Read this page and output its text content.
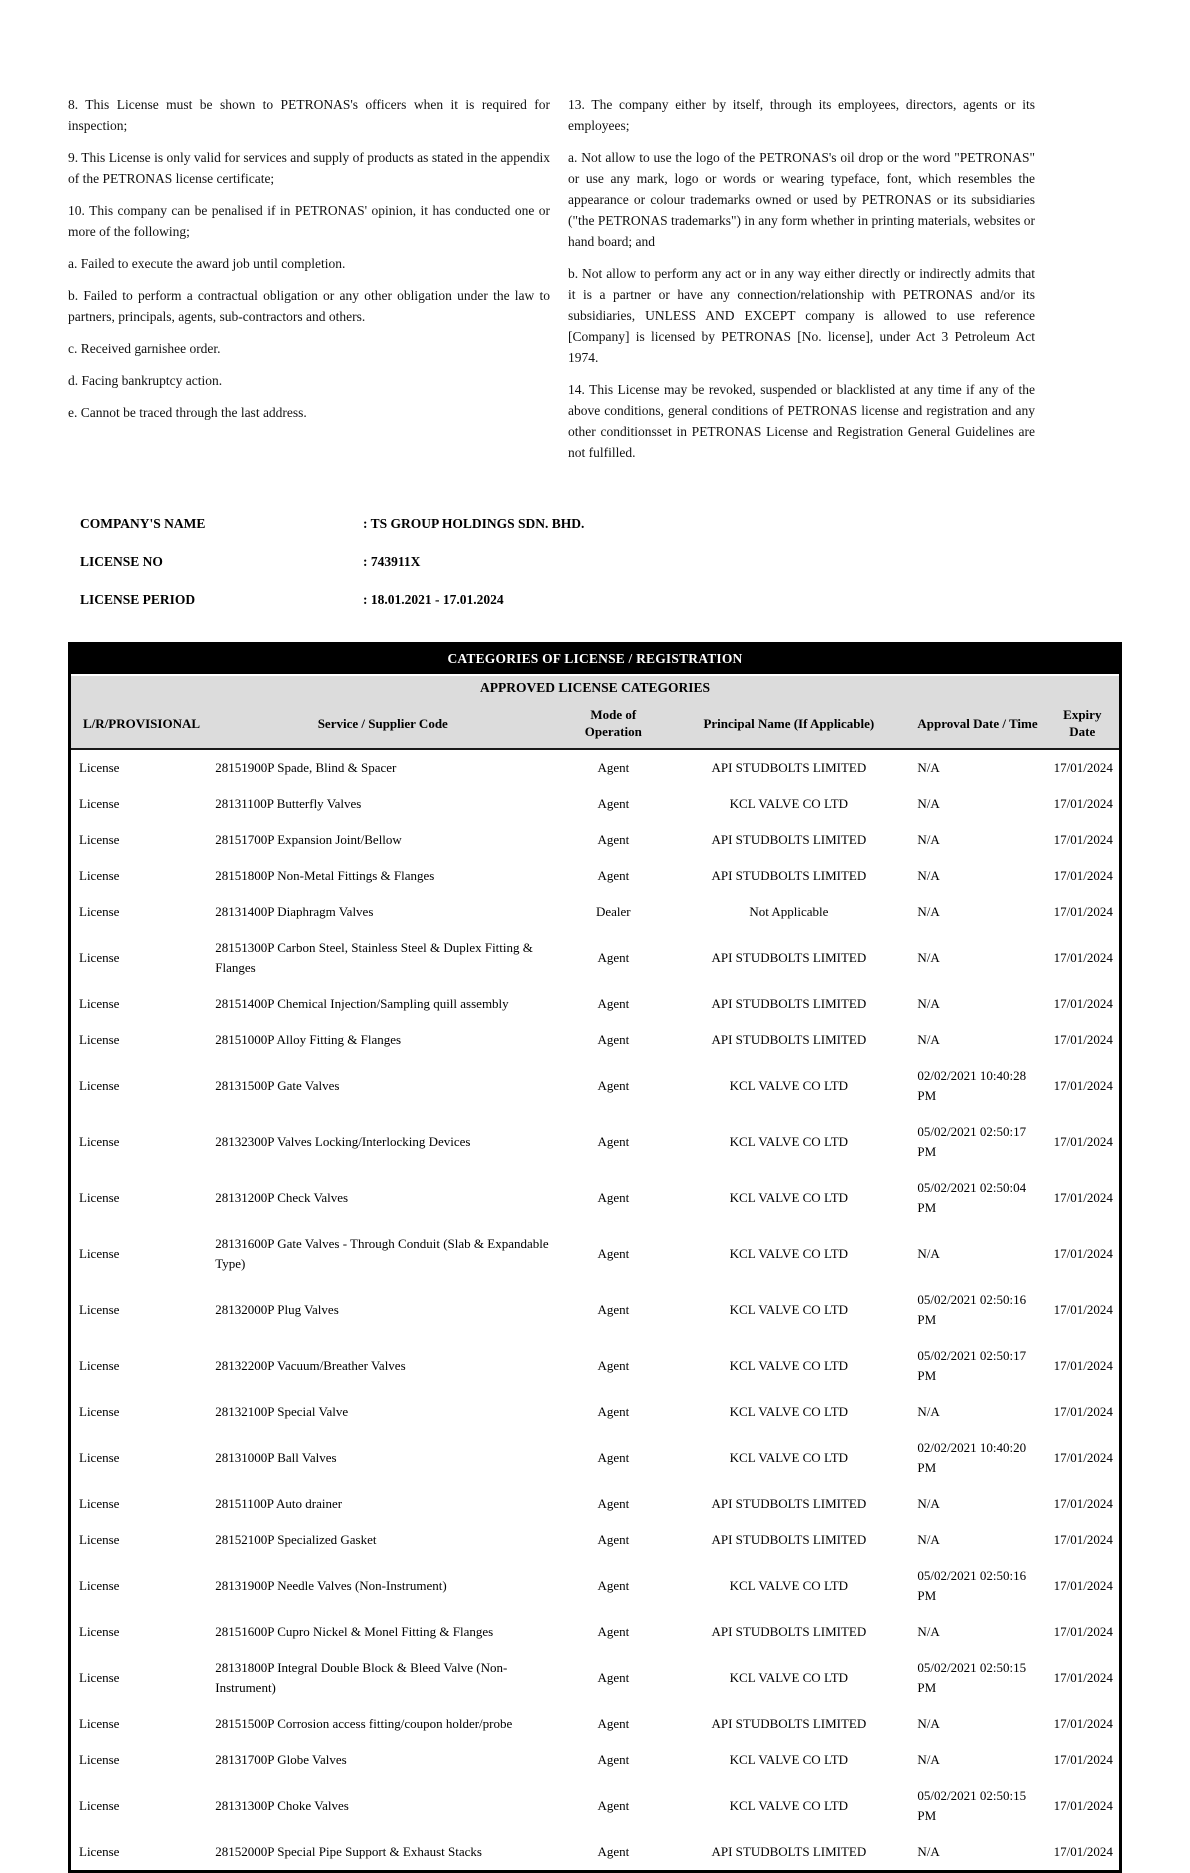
8. This License must be shown to PETRONAS's officers when it is required for inspection;

9. This License is only valid for services and supply of products as stated in the appendix of the PETRONAS license certificate;

10. This company can be penalised if in PETRONAS' opinion, it has conducted one or more of the following;

a. Failed to execute the award job until completion.

b. Failed to perform a contractual obligation or any other obligation under the law to partners, principals, agents, sub-contractors and others.

c. Received garnishee order.

d. Facing bankruptcy action.

e. Cannot be traced through the last address.

13. The company either by itself, through its employees, directors, agents or its employees;

a. Not allow to use the logo of the PETRONAS's oil drop or the word "PETRONAS" or use any mark, logo or words or wearing typeface, font, which resembles the appearance or colour trademarks owned or used by PETRONAS or its subsidiaries ("the PETRONAS trademarks") in any form whether in printing materials, websites or hand board; and

b. Not allow to perform any act or in any way either directly or indirectly admits that it is a partner or have any connection/relationship with PETRONAS and/or its subsidiaries, UNLESS AND EXCEPT company is allowed to use reference [Company] is licensed by PETRONAS [No. license], under Act 3 Petroleum Act 1974.

14. This License may be revoked, suspended or blacklisted at any time if any of the above conditions, general conditions of PETRONAS license and registration and any other conditionsset in PETRONAS License and Registration General Guidelines are not fulfilled.

COMPANY'S NAME	: TS GROUP HOLDINGS SDN. BHD.
LICENSE NO	: 743911X
LICENSE PERIOD	: 18.01.2021 - 17.01.2024
CATEGORIES OF LICENSE / REGISTRATION
APPROVED LICENSE CATEGORIES
L/R/PROVISIONAL	Service / Supplier Code	Mode of Operation	Principal Name (If Applicable)	Approval Date / Time	Expiry Date
License	28151900P Spade, Blind & Spacer	Agent	API STUDBOLTS LIMITED	N/A	17/01/2024
License	28131100P Butterfly Valves	Agent	KCL VALVE CO LTD	N/A	17/01/2024
License	28151700P Expansion Joint/Bellow	Agent	API STUDBOLTS LIMITED	N/A	17/01/2024
License	28151800P Non-Metal Fittings & Flanges	Agent	API STUDBOLTS LIMITED	N/A	17/01/2024
License	28131400P Diaphragm Valves	Dealer	Not Applicable	N/A	17/01/2024
License	28151300P Carbon Steel, Stainless Steel & Duplex Fitting & Flanges	Agent	API STUDBOLTS LIMITED	N/A	17/01/2024
License	28151400P Chemical Injection/Sampling quill assembly	Agent	API STUDBOLTS LIMITED	N/A	17/01/2024
License	28151000P Alloy Fitting & Flanges	Agent	API STUDBOLTS LIMITED	N/A	17/01/2024
License	28131500P Gate Valves	Agent	KCL VALVE CO LTD	02/02/2021 10:40:28 PM	17/01/2024
License	28132300P Valves Locking/Interlocking Devices	Agent	KCL VALVE CO LTD	05/02/2021 02:50:17 PM	17/01/2024
License	28131200P Check Valves	Agent	KCL VALVE CO LTD	05/02/2021 02:50:04 PM	17/01/2024
License	28131600P Gate Valves - Through Conduit (Slab & Expandable Type)	Agent	KCL VALVE CO LTD	N/A	17/01/2024
License	28132000P Plug Valves	Agent	KCL VALVE CO LTD	05/02/2021 02:50:16 PM	17/01/2024
License	28132200P Vacuum/Breather Valves	Agent	KCL VALVE CO LTD	05/02/2021 02:50:17 PM	17/01/2024
License	28132100P Special Valve	Agent	KCL VALVE CO LTD	N/A	17/01/2024
License	28131000P Ball Valves	Agent	KCL VALVE CO LTD	02/02/2021 10:40:20 PM	17/01/2024
License	28151100P Auto drainer	Agent	API STUDBOLTS LIMITED	N/A	17/01/2024
License	28152100P Specialized Gasket	Agent	API STUDBOLTS LIMITED	N/A	17/01/2024
License	28131900P Needle Valves (Non-Instrument)	Agent	KCL VALVE CO LTD	05/02/2021 02:50:16 PM	17/01/2024
License	28151600P Cupro Nickel & Monel Fitting & Flanges	Agent	API STUDBOLTS LIMITED	N/A	17/01/2024
License	28131800P Integral Double Block & Bleed Valve (Non-Instrument)	Agent	KCL VALVE CO LTD	05/02/2021 02:50:15 PM	17/01/2024
License	28151500P Corrosion access fitting/coupon holder/probe	Agent	API STUDBOLTS LIMITED	N/A	17/01/2024
License	28131700P Globe Valves	Agent	KCL VALVE CO LTD	N/A	17/01/2024
License	28131300P Choke Valves	Agent	KCL VALVE CO LTD	05/02/2021 02:50:15 PM	17/01/2024
License	28152000P Special Pipe Support & Exhaust Stacks	Agent	API STUDBOLTS LIMITED	N/A	17/01/2024
